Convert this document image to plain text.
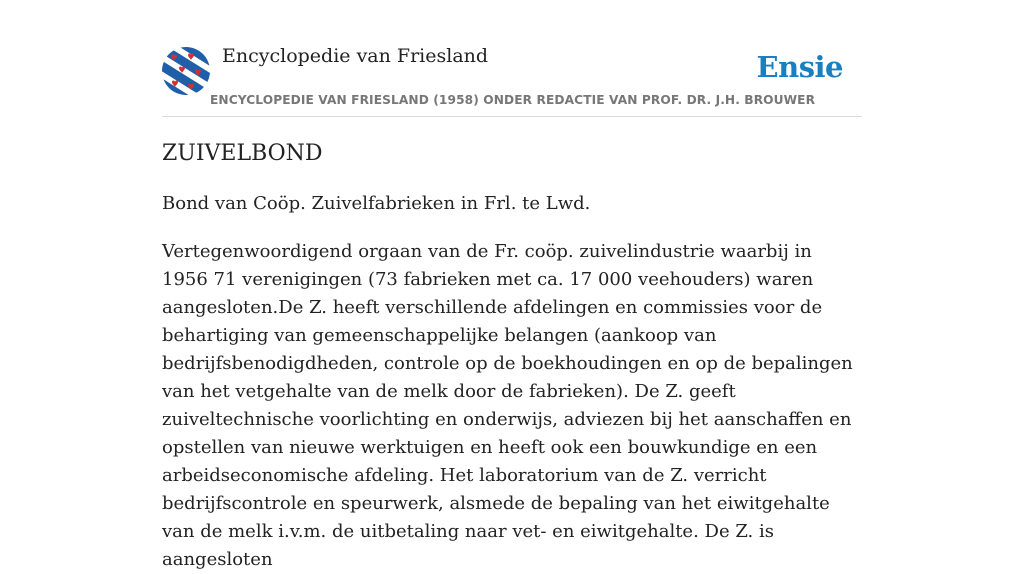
Encyclopedie van Friesland	Ensie
ENCYCLOPEDIE VAN FRIESLAND (1958) ONDER REDACTIE VAN PROF. DR. J.H. BROUWER
ZUIVELBOND

Bond van Coöp. Zuivelfabrieken in Frl. te Lwd.

Vertegenwoordigend orgaan van de Fr. coöp. zuivelindustrie waarbij in 1956 71 verenigingen (73 fabrieken met ca. 17 000 veehouders) waren aangesloten.De Z. heeft verschillende afdelingen en commissies voor de behartiging van gemeenschappelijke belangen (aankoop van bedrijfsbenodigdheden, controle op de boekhoudingen en op de bepalingen van het vetgehalte van de melk door de fabrieken). De Z. geeft zuiveltechnische voorlichting en onderwijs, adviezen bij het aanschaffen en opstellen van nieuwe werktuigen en heeft ook een bouwkundige en een arbeidseconomische afdeling. Het laboratorium van de Z. verricht bedrijfscontrole en speurwerk, alsmede de bepaling van het eiwitgehalte van de melk i.v.m. de uitbetaling naar vet- en eiwitgehalte. De Z. is aangesloten
